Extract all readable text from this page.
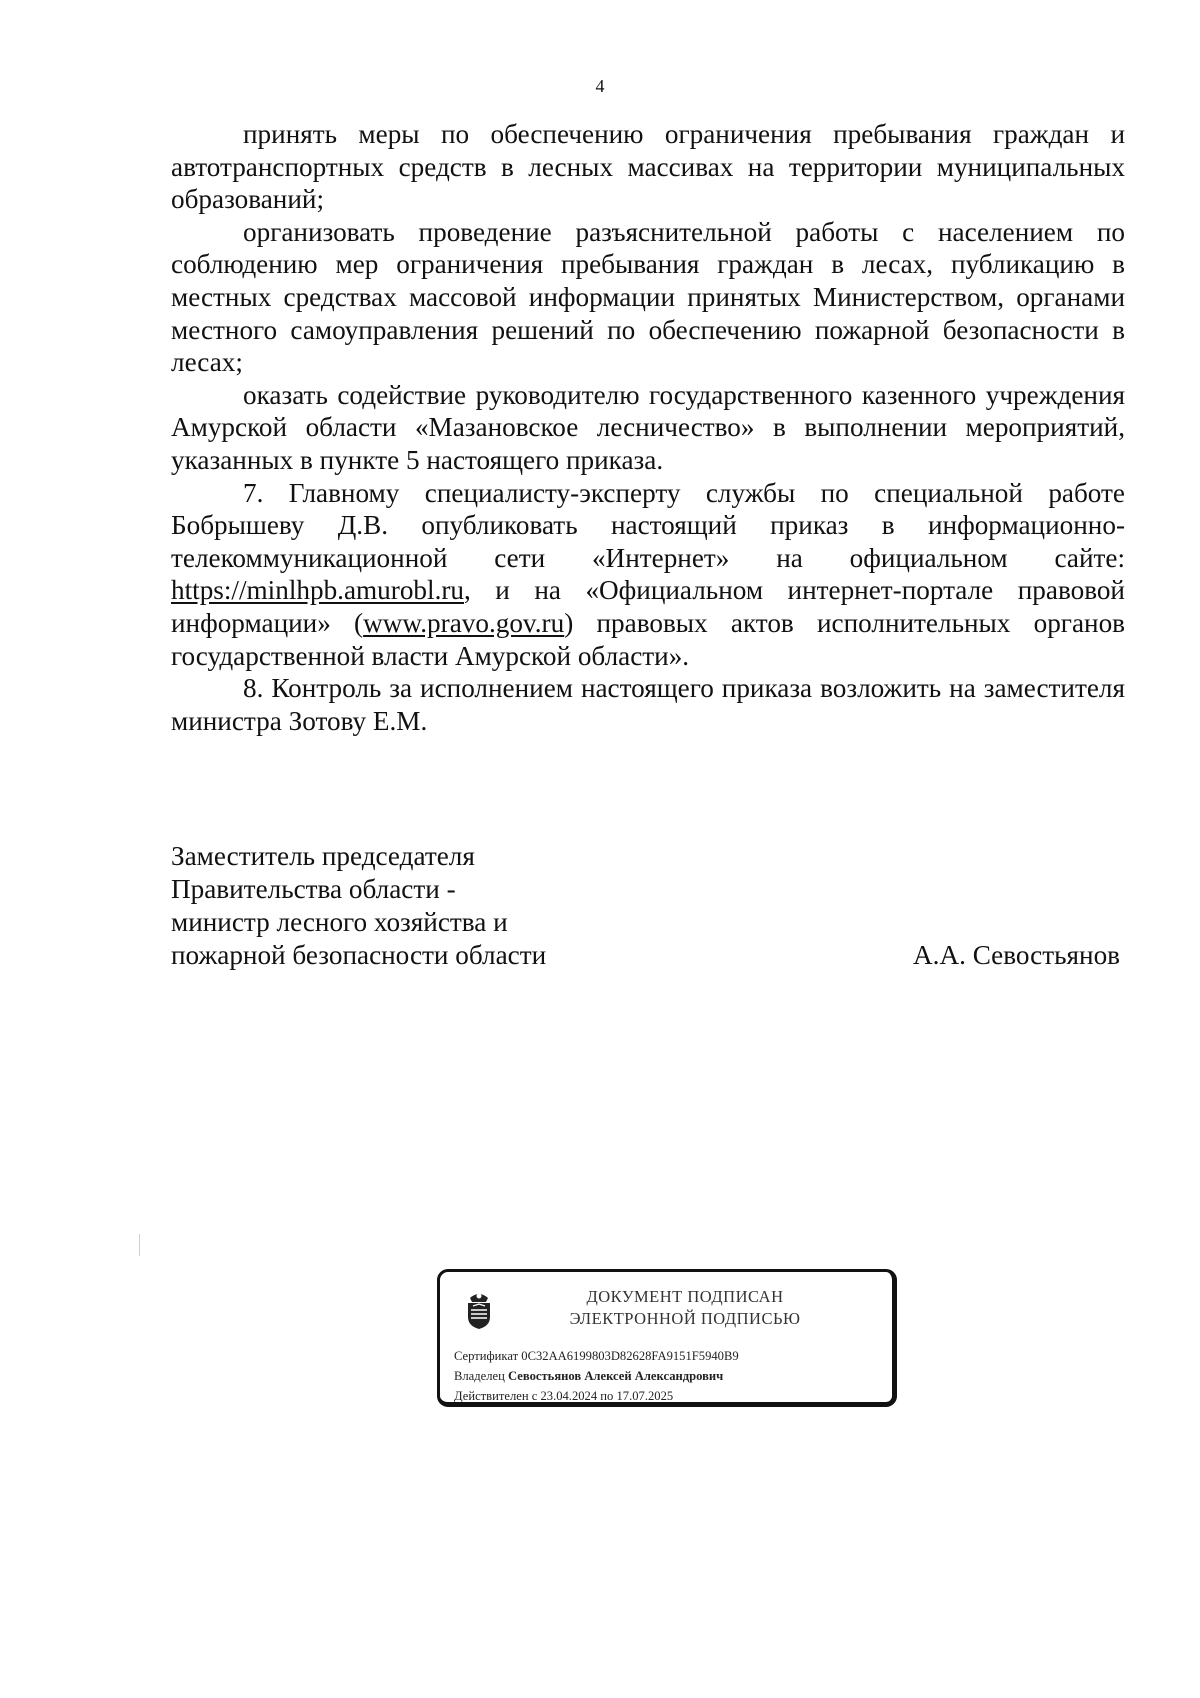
4

принять меры по обеспечению ограничения пребывания граждан и автотранспортных средств в лесных массивах на территории муниципальных образований;

организовать проведение разъяснительной работы с населением по соблюдению мер ограничения пребывания граждан в лесах, публикацию в местных средствах массовой информации принятых Министерством, органами местного самоуправления решений по обеспечению пожарной безопасности в лесах;

оказать содействие руководителю государственного казенного учреждения Амурской области «Мазановское лесничество» в выполнении мероприятий, указанных в пункте 5 настоящего приказа.

7. Главному специалисту-эксперту службы по специальной работе Бобрышеву Д.В. опубликовать настоящий приказ в информационно-телекоммуникационной сети «Интернет» на официальном сайте: https://minlhpb.amurobl.ru, и на «Официальном интернет-портале правовой информации» (www.pravo.gov.ru) правовых актов исполнительных органов государственной власти Амурской области».

8. Контроль за исполнением настоящего приказа возложить на заместителя министра Зотову Е.М.

Заместитель председателя
Правительства области -
министр лесного хозяйства и
пожарной безопасности области	А.А. Севостьянов
ДОКУМЕНТ ПОДПИСАН
ЭЛЕКТРОННОЙ ПОДПИСЬЮ
Сертификат 0C32AA6199803D82628FA9151F5940B9
Владелец Севостьянов Алексей Александрович
Действителен с 23.04.2024 по 17.07.2025
